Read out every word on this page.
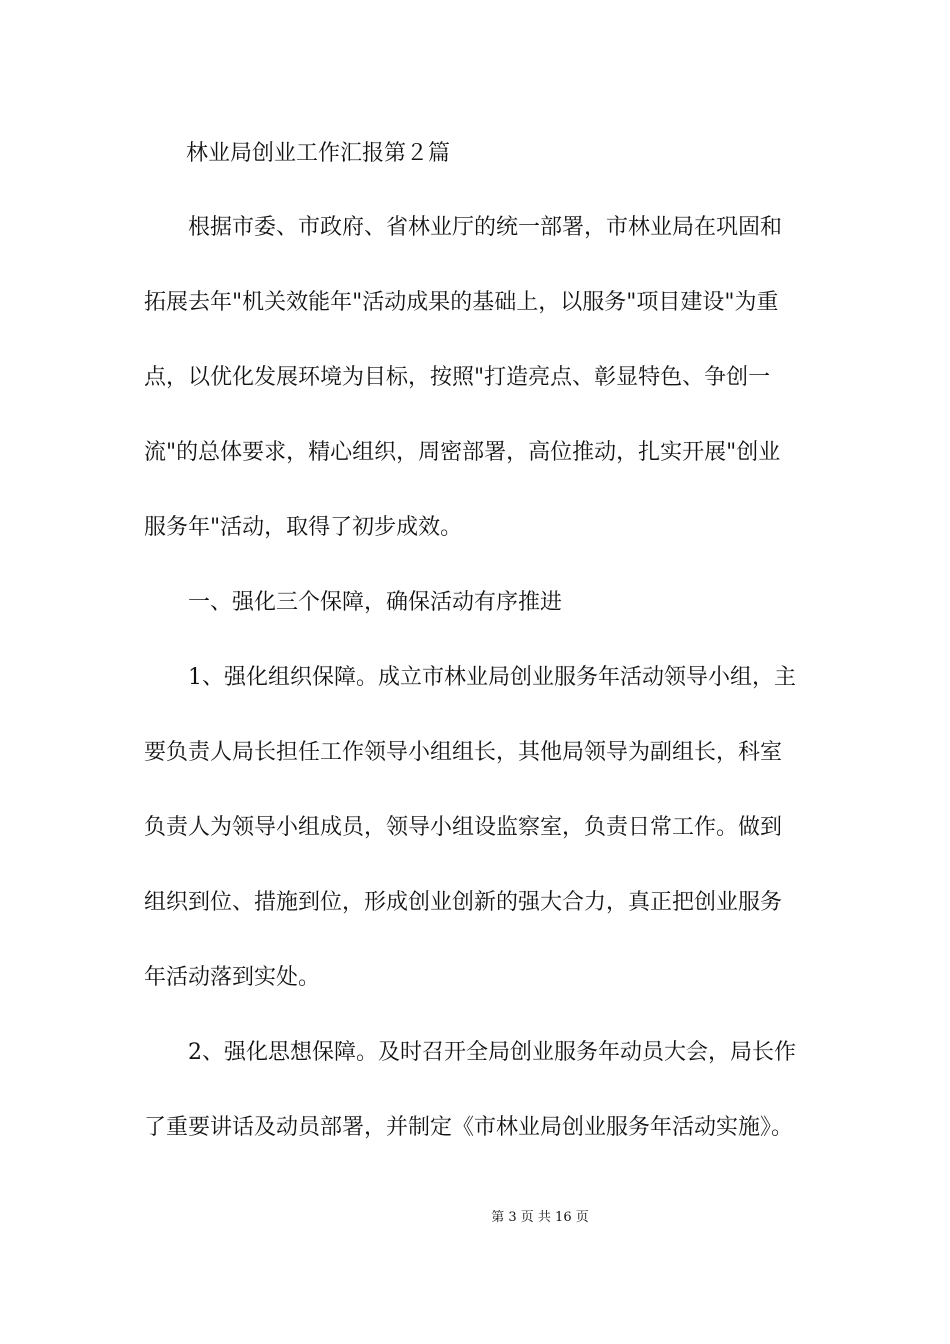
林业局创业工作汇报第２篇
根据市委、市政府、省林业厅的统一部署，市林业局在巩固和
拓展去年"机关效能年"活动成果的基础上，以服务"项目建设"为重
点，以优化发展环境为目标，按照"打造亮点、彰显特色、争创一
流"的总体要求，精心组织，周密部署，高位推动，扎实开展"创业
服务年"活动，取得了初步成效。
一、强化三个保障，确保活动有序推进
1、强化组织保障。成立市林业局创业服务年活动领导小组，主
要负责人局长担任工作领导小组组长，其他局领导为副组长，科室
负责人为领导小组成员，领导小组设监察室，负责日常工作。做到
组织到位、措施到位，形成创业创新的强大合力，真正把创业服务
年活动落到实处。
2、强化思想保障。及时召开全局创业服务年动员大会，局长作
了重要讲话及动员部署，并制定《市林业局创业服务年活动实施》。
第 3 页 共 16 页
